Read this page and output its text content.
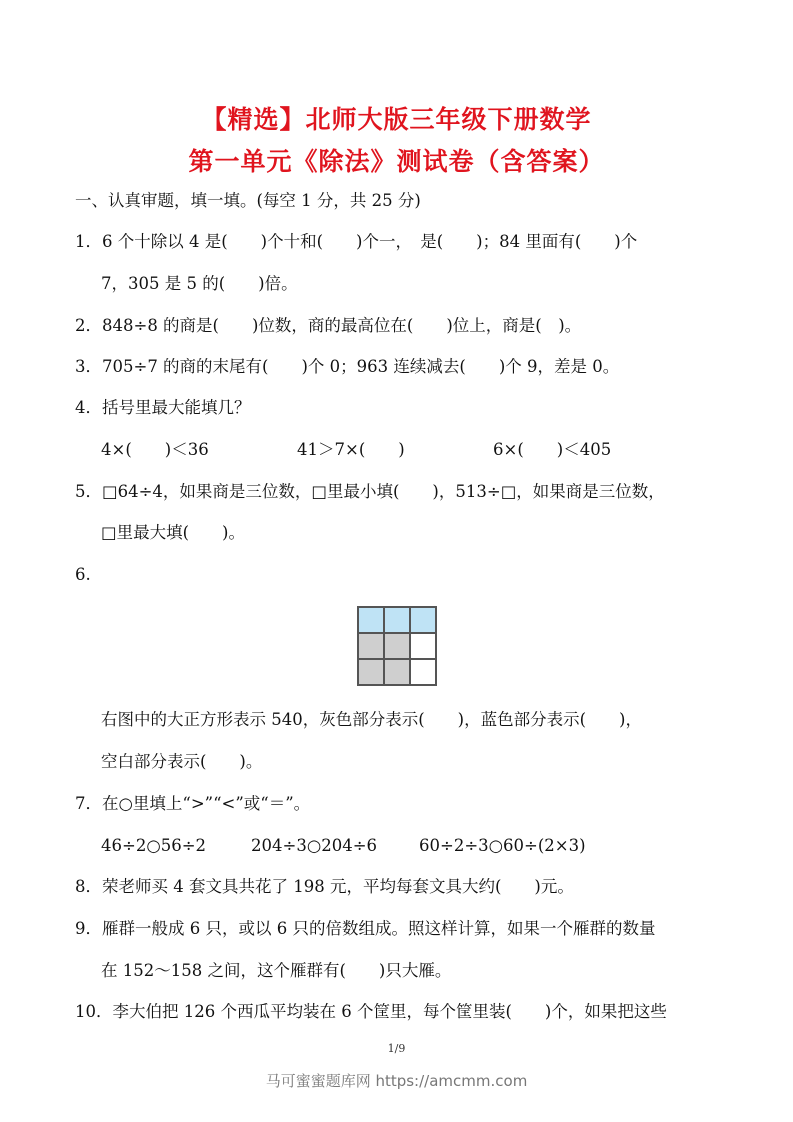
【精选】北师大版三年级下册数学
第一单元《除法》测试卷（含答案）
一、认真审题，填一填。(每空 1 分，共 25 分)
1．6 个十除以 4 是(　　)个十和(　　)个一，　是(　　)；84 里面有(　　)个
7，305 是 5 的(　　)倍。
2．848÷8 的商是(　　)位数，商的最高位在(　　)位上，商是(　)。
3．705÷7 的商的末尾有(　　)个 0；963 连续减去(　　)个 9，差是 0。
4．括号里最大能填几？
4×(　　)＜36	41＞7×(　　)	6×(　　)＜405
5．□64÷4，如果商是三位数，□里最小填(　　)，513÷□，如果商是三位数，
□里最大填(　　)。
6.
右图中的大正方形表示 540，灰色部分表示(　　)，蓝色部分表示(　　)，
空白部分表示(　　)。
7．在○里填上“>”“<”或“＝”。
46÷2○56÷2	204÷3○204÷6	60÷2÷3○60÷(2×3)
8．荣老师买 4 套文具共花了 198 元，平均每套文具大约(　　)元。
9．雁群一般成 6 只，或以 6 只的倍数组成。照这样计算，如果一个雁群的数量
在 152～158 之间，这个雁群有(　　)只大雁。
10．李大伯把 126 个西瓜平均装在 6 个筐里，每个筐里装(　　)个，如果把这些
1/9
马可蜜蜜题库网 https://amcmm.com
